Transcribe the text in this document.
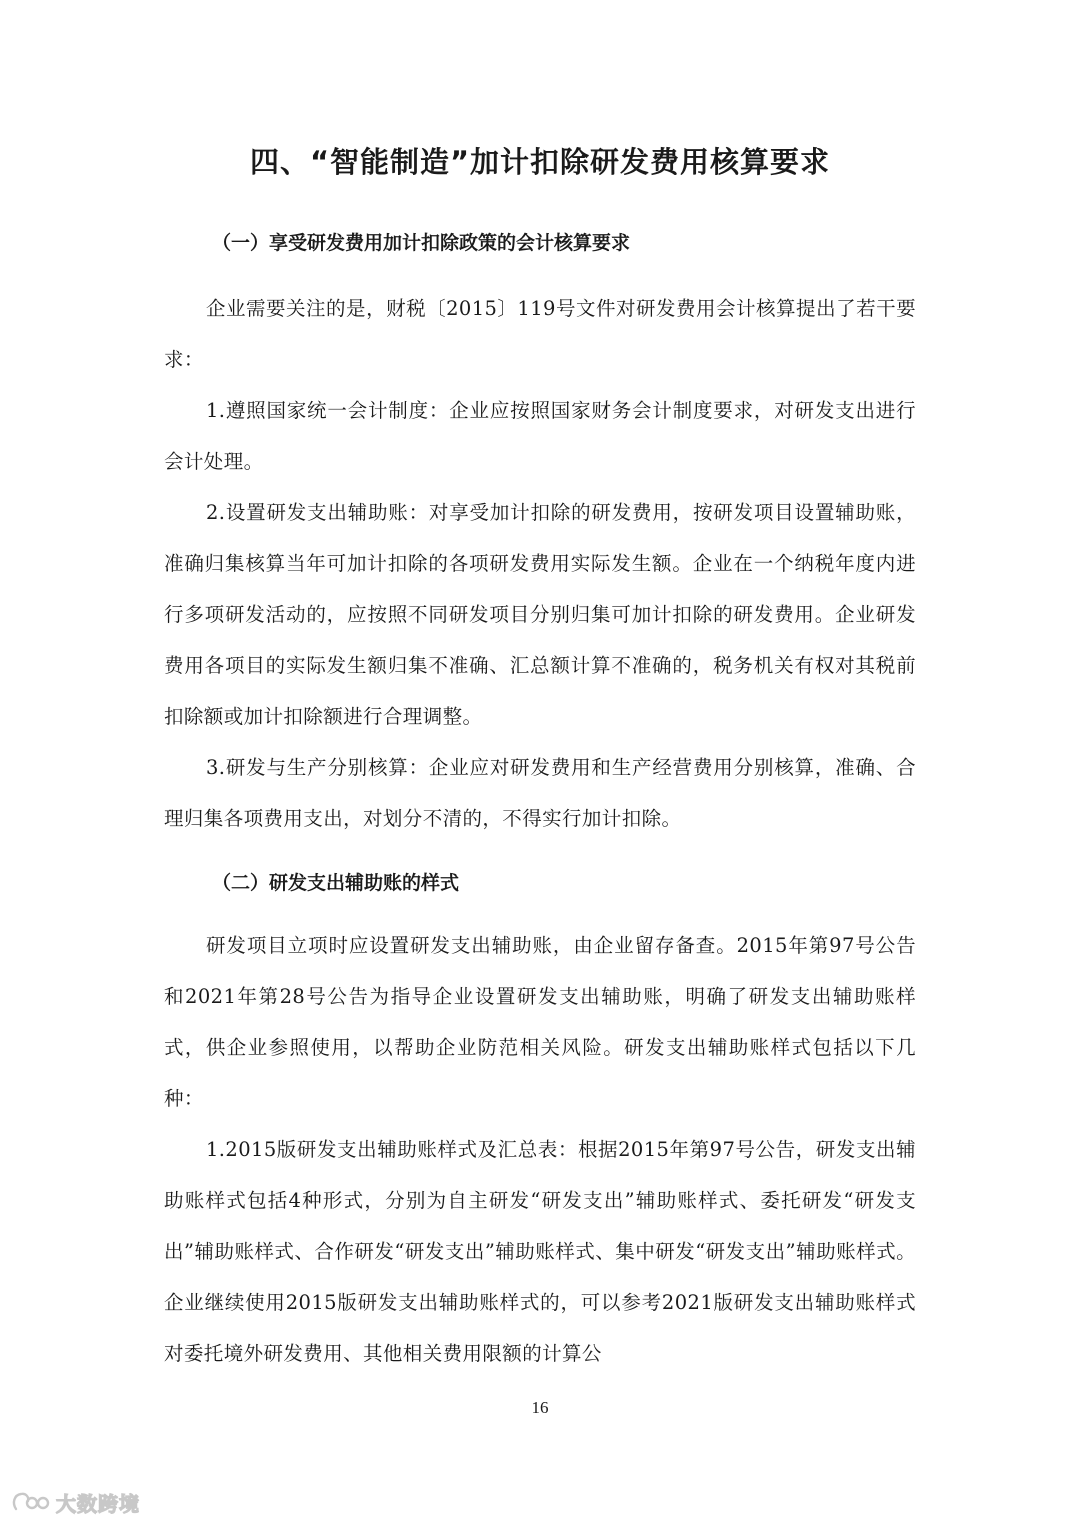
四、“智能制造”加计扣除研发费用核算要求
（一）享受研发费用加计扣除政策的会计核算要求

企业需要关注的是，财税〔2015〕119号文件对研发费用会计核算提出了若干要求：

1.遵照国家统一会计制度：企业应按照国家财务会计制度要求，对研发支出进行会计处理。

2.设置研发支出辅助账：对享受加计扣除的研发费用，按研发项目设置辅助账，准确归集核算当年可加计扣除的各项研发费用实际发生额。企业在一个纳税年度内进行多项研发活动的，应按照不同研发项目分别归集可加计扣除的研发费用。企业研发费用各项目的实际发生额归集不准确、汇总额计算不准确的，税务机关有权对其税前扣除额或加计扣除额进行合理调整。

3.研发与生产分别核算：企业应对研发费用和生产经营费用分别核算，准确、合理归集各项费用支出，对划分不清的，不得实行加计扣除。

（二）研发支出辅助账的样式

研发项目立项时应设置研发支出辅助账，由企业留存备查。2015年第97号公告和2021年第28号公告为指导企业设置研发支出辅助账，明确了研发支出辅助账样式，供企业参照使用，以帮助企业防范相关风险。研发支出辅助账样式包括以下几种：

1.2015版研发支出辅助账样式及汇总表：根据2015年第97号公告，研发支出辅助账样式包括4种形式，分别为自主研发“研发支出”辅助账样式、委托研发“研发支出”辅助账样式、合作研发“研发支出”辅助账样式、集中研发“研发支出”辅助账样式。企业继续使用2015版研发支出辅助账样式的，可以参考2021版研发支出辅助账样式对委托境外研发费用、其他相关费用限额的计算公

16
大数跨境
